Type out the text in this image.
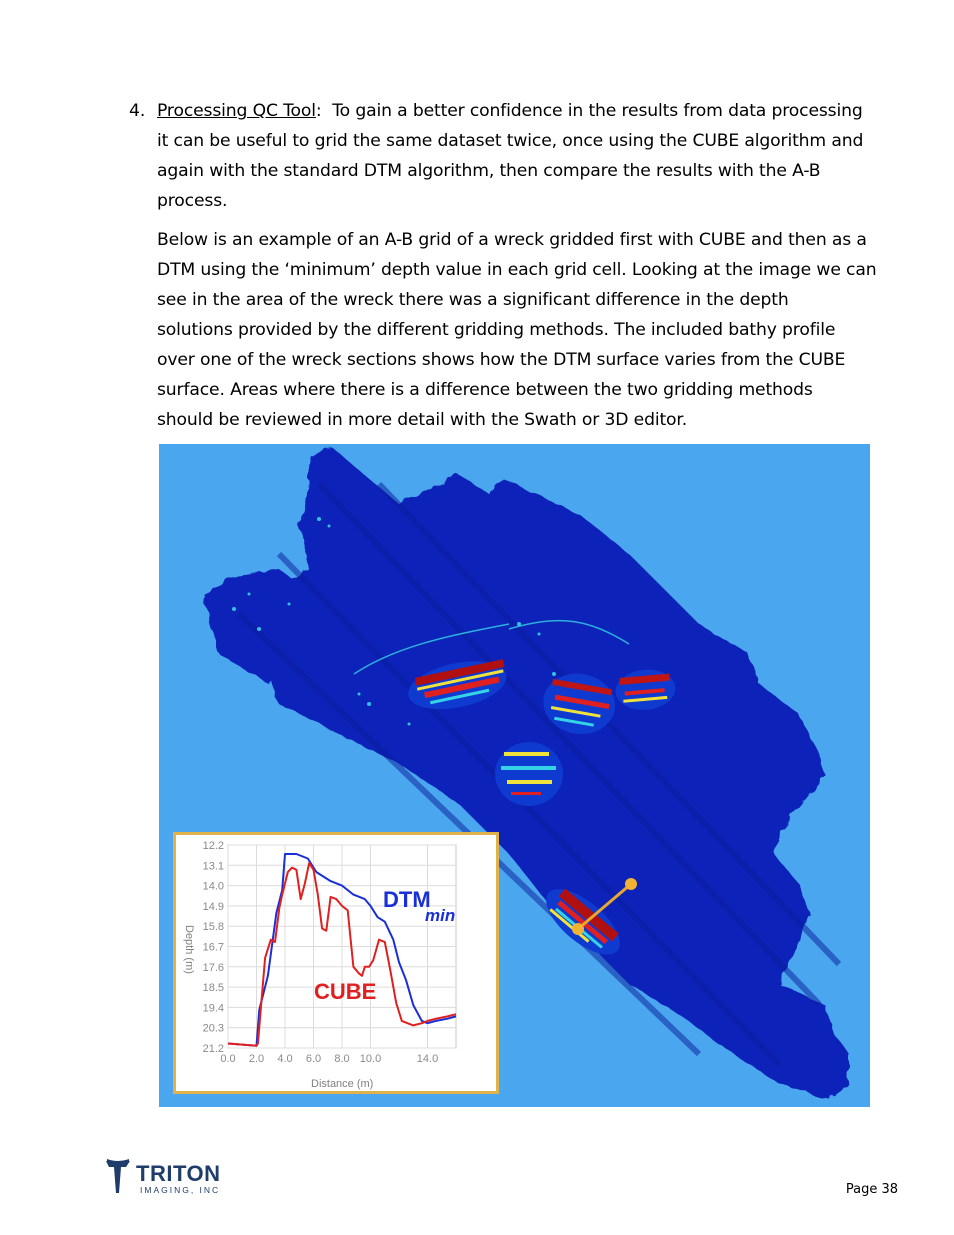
4. Processing QC Tool: To gain a better confidence in the results from data processing
it can be useful to grid the same dataset twice, once using the CUBE algorithm and
again with the standard DTM algorithm, then compare the results with the A-B
process.
Below is an example of an A-B grid of a wreck gridded first with CUBE and then as a
DTM using the ‘minimum’ depth value in each grid cell. Looking at the image we can
see in the area of the wreck there was a significant difference in the depth
solutions provided by the different gridding methods. The included bathy profile
over one of the wreck sections shows how the DTM surface varies from the CUBE
surface. Areas where there is a difference between the two gridding methods
should be reviewed in more detail with the Swath or 3D editor.
12.2
13.1
14.0
14.9
15.8
16.7
17.6
18.5
19.4
20.3
21.2
0.0 2.0 4.0 6.0 8.0 10.0	14.0
Depth (m)
Distance (m)
DTM
min
CUBE
TRITON
IMAGING, INC	Page 38
